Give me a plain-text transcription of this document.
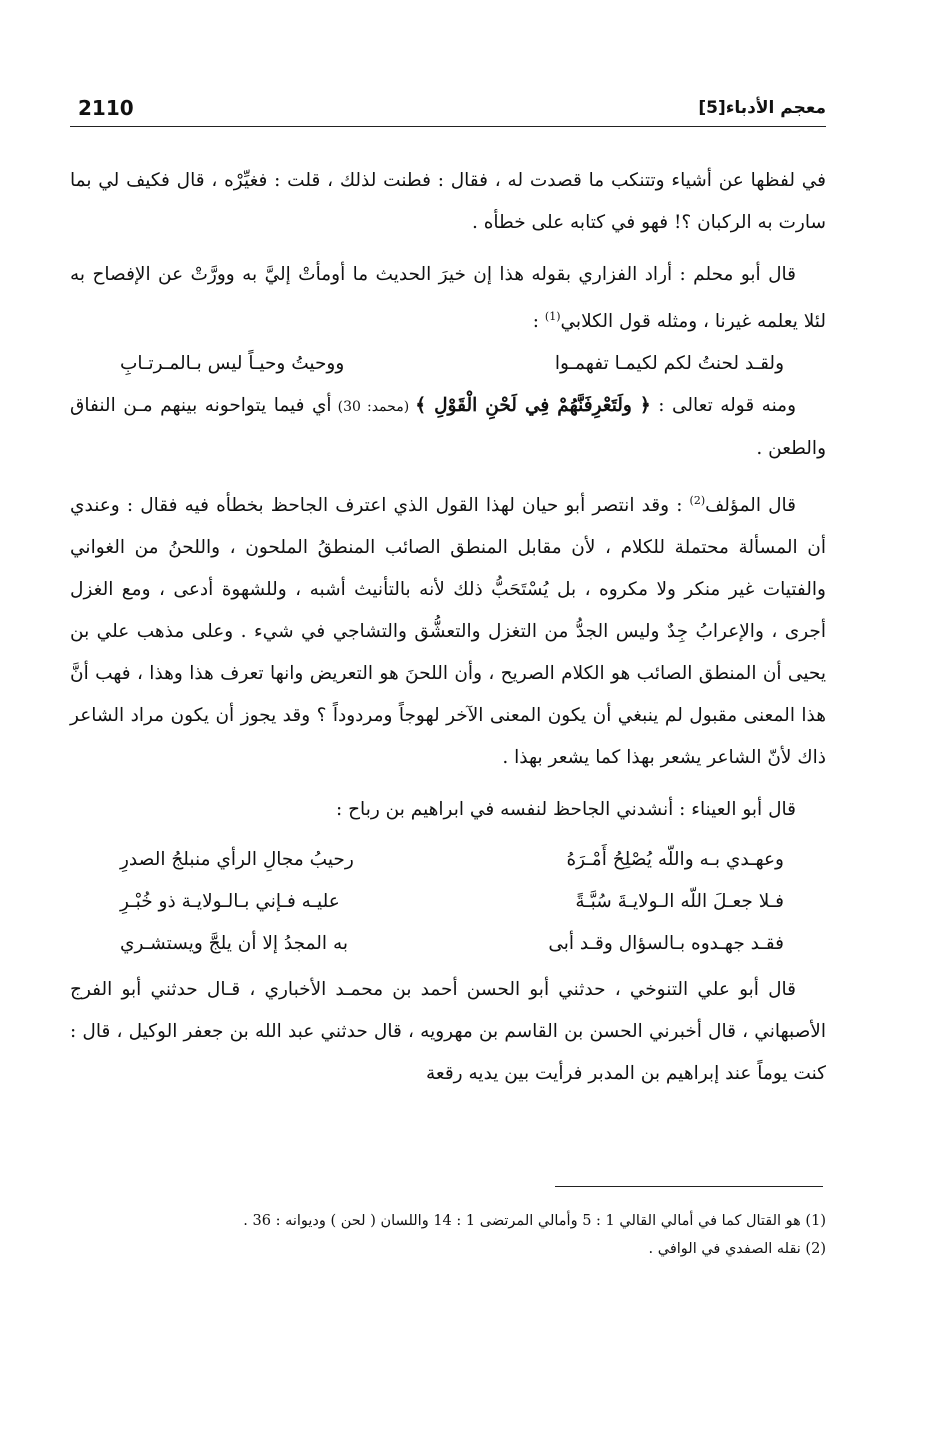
2110	معجم الأدباء[5]

في لفظها عن أشياء وتتنكب ما قصدت له ، فقال : فطنت لذلك ، قلت : فغيِّرْه ، قال فكيف لي بما سارت به الركبان ؟! فهو في كتابه على خطأه .

قال أبو محلم : أراد الفزاري بقوله هذا إن خيرَ الحديث ما أومأتْ إليَّ به وورَّتْ عن الإفصاح به لئلا يعلمه غيرنا ، ومثله قول الكلابي$^{(1)}$ :

ولقـد لحنتُ لكم لكيمـا تفهمـوا
ووحيتُ وحيـاً ليس بـالمـرتـابِ

ومنه قوله تعالى : ﴿ ولَتَعْرِفَنَّهُمْ فِي لَحْنِ الْقَوْلِ ﴾ (محمد: 30) أي فيما يتواحونه بينهم مـن النفاق والطعن .

قال المؤلف$^{(2)}$ : وقد انتصر أبو حيان لهذا القول الذي اعترف الجاحظ بخطأه فيه فقال : وعندي أن المسألة محتملة للكلام ، لأن مقابل المنطق الصائب المنطقُ الملحون ، واللحنُ من الغواني والفتيات غير منكر ولا مكروه ، بل يُسْتَحَبُّ ذلك لأنه بالتأنيث أشبه ، وللشهوة أدعى ، ومع الغزل أجرى ، والإعرابُ جِدٌ وليس الجدُّ من التغزل والتعشُّق والتشاجي في شيء . وعلى مذهب علي بن يحيى أن المنطق الصائب هو الكلام الصريح ، وأن اللحنَ هو التعريض وانها تعرف هذا وهذا ، فهب أنَّ هذا المعنى مقبول لم ينبغي أن يكون المعنى الآخر لهوجاً ومردوداً ؟ وقد يجوز أن يكون مراد الشاعر ذاك لأنّ الشاعر يشعر بهذا كما يشعر بهذا .

قال أبو العيناء : أنشدني الجاحظ لنفسه في ابراهيم بن رباح :

وعهـدي بـه واللّه يُصْلِحُ أَمْـرَهُ
رحيبُ مجالِ الرأي منبلجُ الصدرِ
فـلا جعـلَ اللّه الـولايـةَ سُبَّـةً
عليـه فـإني بـالـولايـة ذو خُبْـرِ
فقـد جهـدوه بـالسؤال وقـد أبى
به المجدُ إلا أن يلجَّ ويستشـري

قال أبو علي التنوخي ، حدثني أبو الحسن أحمد بن محمـد الأخباري ، قـال حدثني أبو الفرج الأصبهاني ، قال أخبرني الحسن بن القاسم بن مهرويه ، قال حدثني عبد الله بن جعفر الوكيل ، قال : كنت يوماً عند إبراهيم بن المدبر فرأيت بين يديه رقعة

(1) هو القتال كما في أمالي القالي 1 : 5 وأمالي المرتضى 1 : 14 واللسان ( لحن ) وديوانه : 36 .

(2) نقله الصفدي في الوافي .
